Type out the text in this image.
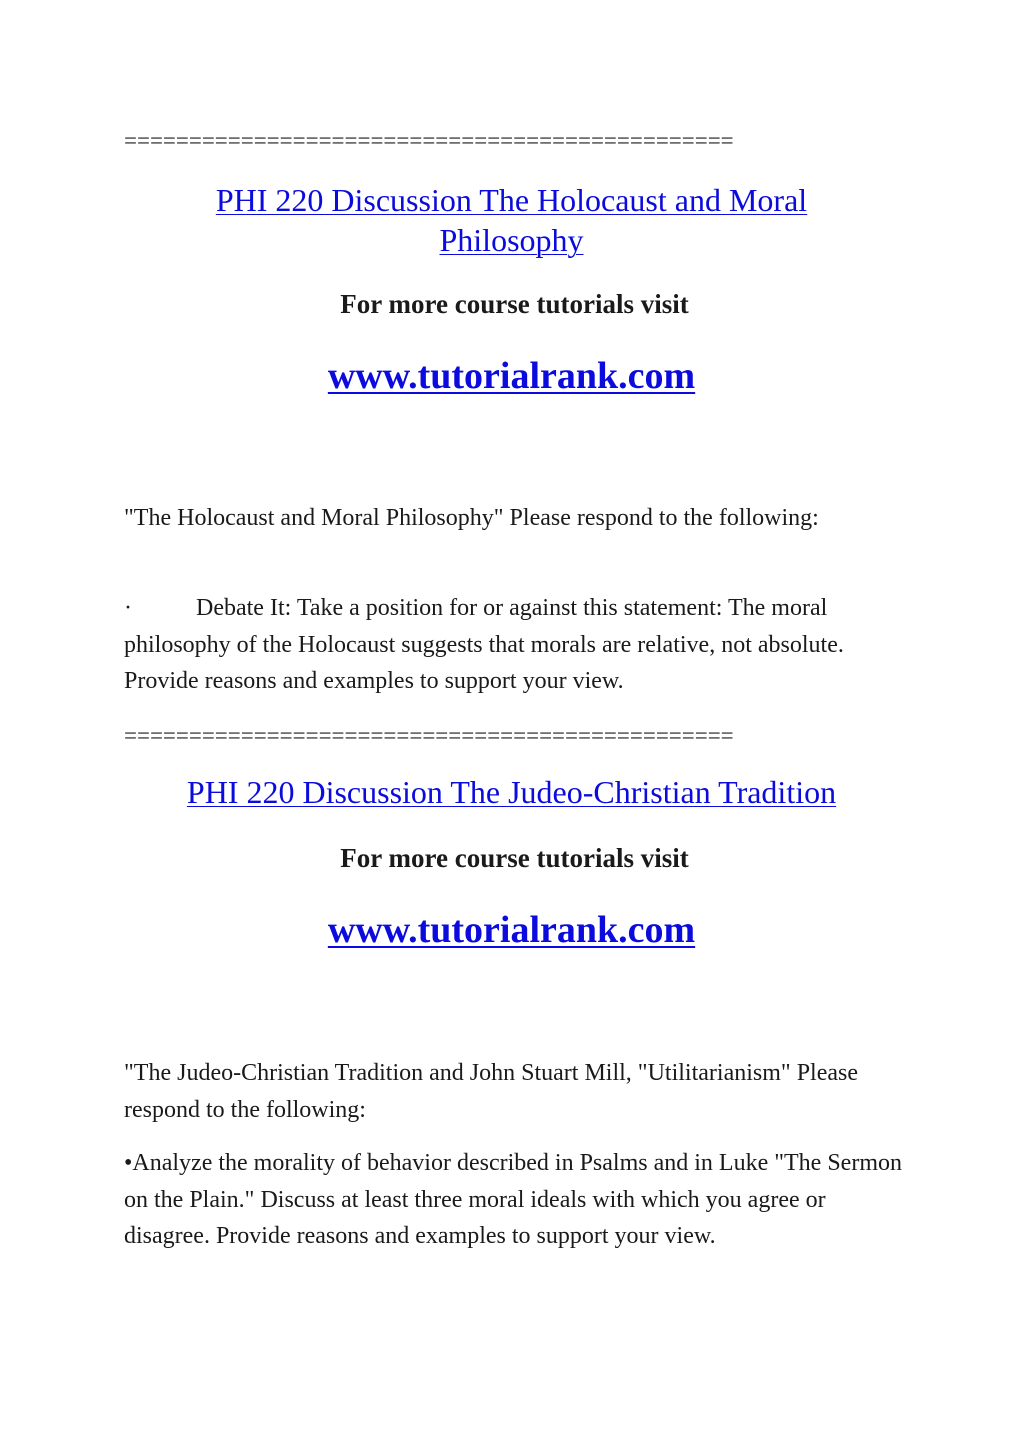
===============================================
PHI 220 Discussion The Holocaust and Moral Philosophy
For more course tutorials visit
www.tutorialrank.com
"The Holocaust and Moral Philosophy" Please respond to the following:
·	Debate It: Take a position for or against this statement: The moral philosophy of the Holocaust suggests that morals are relative, not absolute. Provide reasons and examples to support your view.
===============================================
PHI 220 Discussion The Judeo-Christian Tradition
For more course tutorials visit
www.tutorialrank.com
"The Judeo-Christian Tradition and John Stuart Mill, "Utilitarianism" Please respond to the following:
•Analyze the morality of behavior described in Psalms and in Luke "The Sermon on the Plain." Discuss at least three moral ideals with which you agree or disagree. Provide reasons and examples to support your view.
